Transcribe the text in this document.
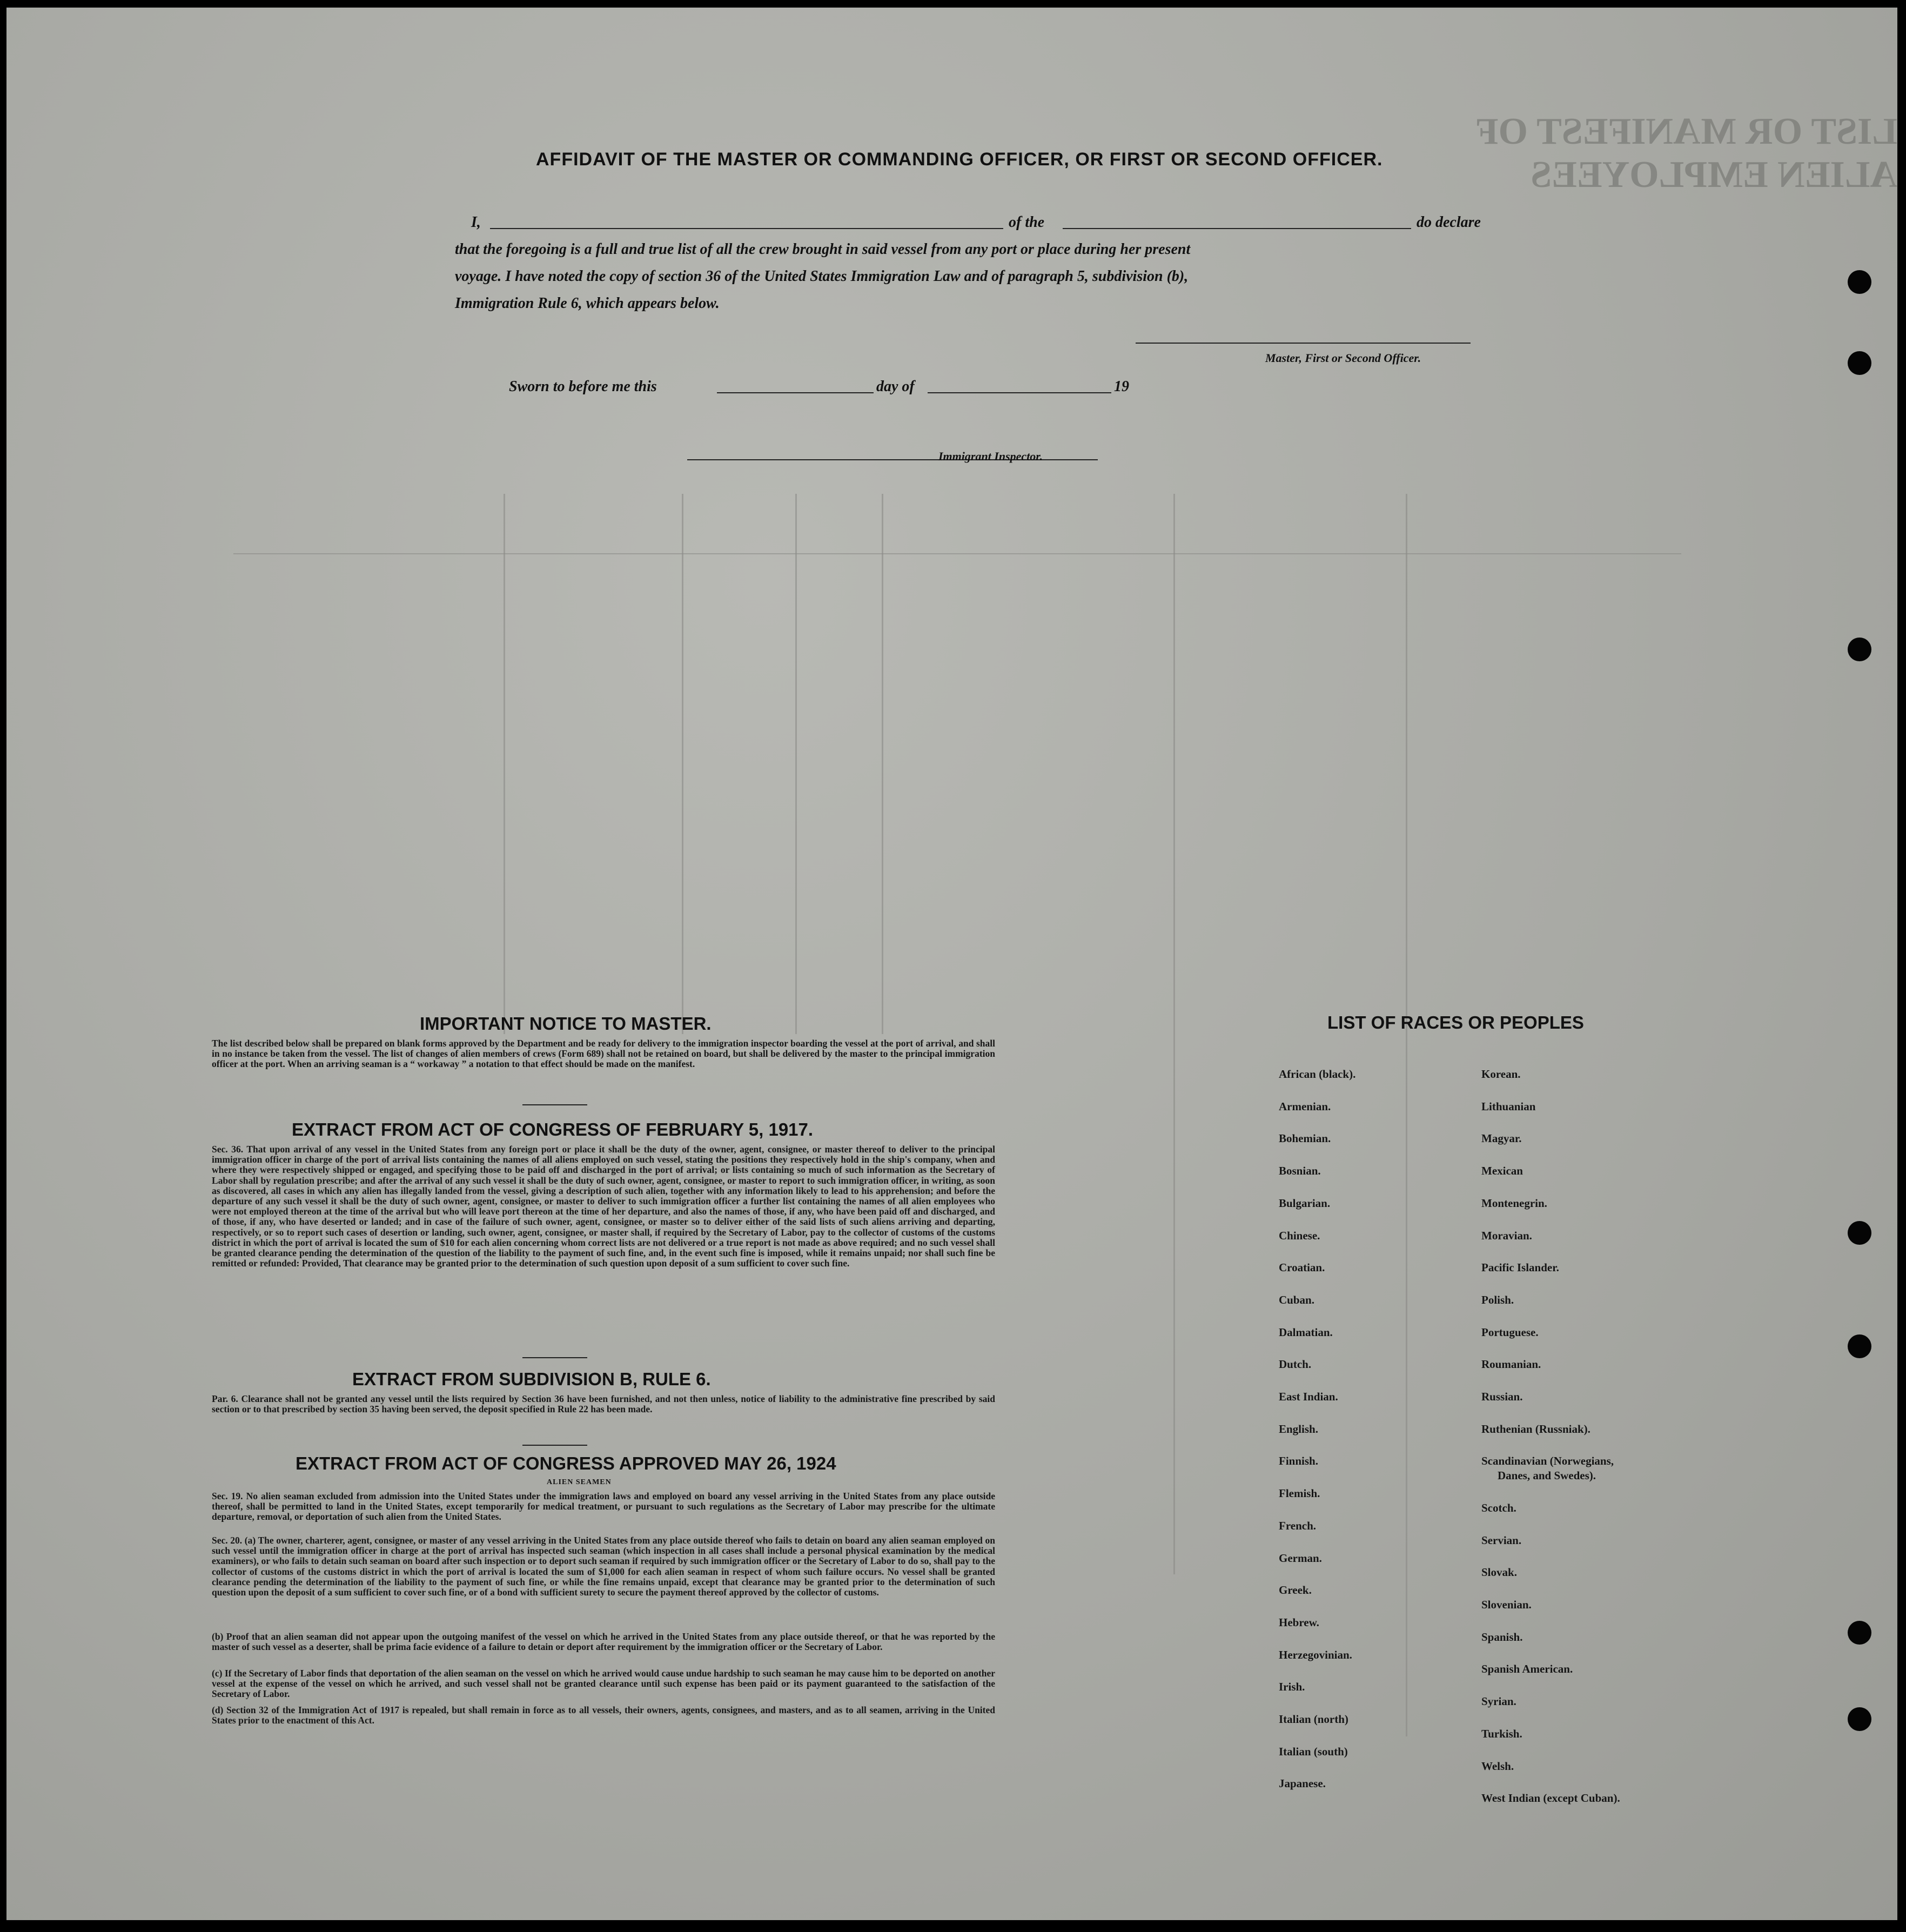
LIST OR MANIFEST OF ALIEN EMPLOYEES
AFFIDAVIT OF THE MASTER OR COMMANDING OFFICER, OR FIRST OR SECOND OFFICER.
I,	of the	do declare
that the foregoing is a full and true list of all the crew brought in said vessel from any port or place during her present
voyage. I have noted the copy of section 36 of the United States Immigration Law and of paragraph 5, subdivision (b),
Immigration Rule 6, which appears below.
Master, First or Second Officer.
Sworn to before me this	day of	19
Immigrant Inspector.
IMPORTANT NOTICE TO MASTER.
The list described below shall be prepared on blank forms approved by the Department and be ready for delivery to the immigration inspector boarding the vessel at the port of arrival, and shall in no instance be taken from the vessel. The list of changes of alien members of crews (Form 689) shall not be retained on board, but shall be delivered by the master to the principal immigration officer at the port. When an arriving seaman is a “ workaway ” a notation to that effect should be made on the manifest.
EXTRACT FROM ACT OF CONGRESS OF FEBRUARY 5, 1917.
Sec. 36. That upon arrival of any vessel in the United States from any foreign port or place it shall be the duty of the owner, agent, consignee, or master thereof to deliver to the principal immigration officer in charge of the port of arrival lists containing the names of all aliens employed on such vessel, stating the positions they respectively hold in the ship's company, when and where they were respectively shipped or engaged, and specifying those to be paid off and discharged in the port of arrival; or lists containing so much of such information as the Secretary of Labor shall by regulation prescribe; and after the arrival of any such vessel it shall be the duty of such owner, agent, consignee, or master to report to such immigration officer, in writing, as soon as discovered, all cases in which any alien has illegally landed from the vessel, giving a description of such alien, together with any information likely to lead to his apprehension; and before the departure of any such vessel it shall be the duty of such owner, agent, consignee, or master to deliver to such immigration officer a further list containing the names of all alien employees who were not employed thereon at the time of the arrival but who will leave port thereon at the time of her departure, and also the names of those, if any, who have been paid off and discharged, and of those, if any, who have deserted or landed; and in case of the failure of such owner, agent, consignee, or master so to deliver either of the said lists of such aliens arriving and departing, respectively, or so to report such cases of desertion or landing, such owner, agent, consignee, or master shall, if required by the Secretary of Labor, pay to the collector of customs of the customs district in which the port of arrival is located the sum of $10 for each alien concerning whom correct lists are not delivered or a true report is not made as above required; and no such vessel shall be granted clearance pending the determination of the question of the liability to the payment of such fine, and, in the event such fine is imposed, while it remains unpaid; nor shall such fine be remitted or refunded: Provided, That clearance may be granted prior to the determination of such question upon deposit of a sum sufficient to cover such fine.
EXTRACT FROM SUBDIVISION B, RULE 6.
Par. 6. Clearance shall not be granted any vessel until the lists required by Section 36 have been furnished, and not then unless, notice of liability to the administrative fine prescribed by said section or to that prescribed by section 35 having been served, the deposit specified in Rule 22 has been made.
EXTRACT FROM ACT OF CONGRESS APPROVED MAY 26, 1924
ALIEN SEAMEN
Sec. 19. No alien seaman excluded from admission into the United States under the immigration laws and employed on board any vessel arriving in the United States from any place outside thereof, shall be permitted to land in the United States, except temporarily for medical treatment, or pursuant to such regulations as the Secretary of Labor may prescribe for the ultimate departure, removal, or deportation of such alien from the United States.
Sec. 20. (a) The owner, charterer, agent, consignee, or master of any vessel arriving in the United States from any place outside thereof who fails to detain on board any alien seaman employed on such vessel until the immigration officer in charge at the port of arrival has inspected such seaman (which inspection in all cases shall include a personal physical examination by the medical examiners), or who fails to detain such seaman on board after such inspection or to deport such seaman if required by such immigration officer or the Secretary of Labor to do so, shall pay to the collector of customs of the customs district in which the port of arrival is located the sum of $1,000 for each alien seaman in respect of whom such failure occurs. No vessel shall be granted clearance pending the determination of the liability to the payment of such fine, or while the fine remains unpaid, except that clearance may be granted prior to the determination of such question upon the deposit of a sum sufficient to cover such fine, or of a bond with sufficient surety to secure the payment thereof approved by the collector of customs.
(b) Proof that an alien seaman did not appear upon the outgoing manifest of the vessel on which he arrived in the United States from any place outside thereof, or that he was reported by the master of such vessel as a deserter, shall be prima facie evidence of a failure to detain or deport after requirement by the immigration officer or the Secretary of Labor.
(c) If the Secretary of Labor finds that deportation of the alien seaman on the vessel on which he arrived would cause undue hardship to such seaman he may cause him to be deported on another vessel at the expense of the vessel on which he arrived, and such vessel shall not be granted clearance until such expense has been paid or its payment guaranteed to the satisfaction of the Secretary of Labor.
(d) Section 32 of the Immigration Act of 1917 is repealed, but shall remain in force as to all vessels, their owners, agents, consignees, and masters, and as to all seamen, arriving in the United States prior to the enactment of this Act.
LIST OF RACES OR PEOPLES
African (black).
Armenian.
Bohemian.
Bosnian.
Bulgarian.
Chinese.
Croatian.
Cuban.
Dalmatian.
Dutch.
East Indian.
English.
Finnish.
Flemish.
French.
German.
Greek.
Hebrew.
Herzegovinian.
Irish.
Italian (north)
Italian (south)
Japanese.
Korean.
Lithuanian
Magyar.
Mexican
Montenegrin.
Moravian.
Pacific Islander.
Polish.
Portuguese.
Roumanian.
Russian.
Ruthenian (Russniak).
Scandinavian (Norwegians,
Danes, and Swedes).
Scotch.
Servian.
Slovak.
Slovenian.
Spanish.
Spanish American.
Syrian.
Turkish.
Welsh.
West Indian (except Cuban).
